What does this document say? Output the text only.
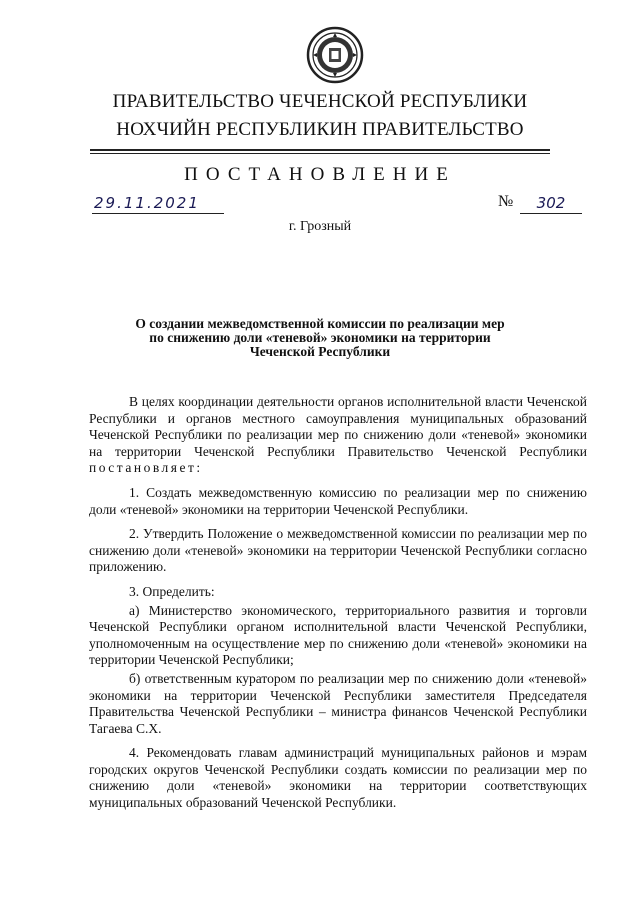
ПРАВИТЕЛЬСТВО ЧЕЧЕНСКОЙ РЕСПУБЛИКИ
НОХЧИЙН РЕСПУБЛИКИН ПРАВИТЕЛЬСТВО
ПОСТАНОВЛЕНИЕ
29.11.2021	№	302
г. Грозный
О создании межведомственной комиссии по реализации мер
по снижению доли «теневой» экономики на территории
Чеченской Республики

В целях координации деятельности органов исполнительной власти Чеченской Республики и органов местного самоуправления муниципальных образований Чеченской Республики по реализации мер по снижению доли «теневой» экономики на территории Чеченской Республики Правительство Чеченской Республики постановляет:

1. Создать межведомственную комиссию по реализации мер по снижению доли «теневой» экономики на территории Чеченской Республики.

2. Утвердить Положение о межведомственной комиссии по реализации мер по снижению доли «теневой» экономики на территории Чеченской Республики согласно приложению.

3. Определить:

а) Министерство экономического, территориального развития и торговли Чеченской Республики органом исполнительной власти Чеченской Республики, уполномоченным на осуществление мер по снижению доли «теневой» экономики на территории Чеченской Республики;

б) ответственным куратором по реализации мер по снижению доли «теневой» экономики на территории Чеченской Республики заместителя Председателя Правительства Чеченской Республики – министра финансов Чеченской Республики Тагаева С.Х.

4. Рекомендовать главам администраций муниципальных районов и мэрам городских округов Чеченской Республики создать комиссии по реализации мер по снижению доли «теневой» экономики на территории соответствующих муниципальных образований Чеченской Республики.
